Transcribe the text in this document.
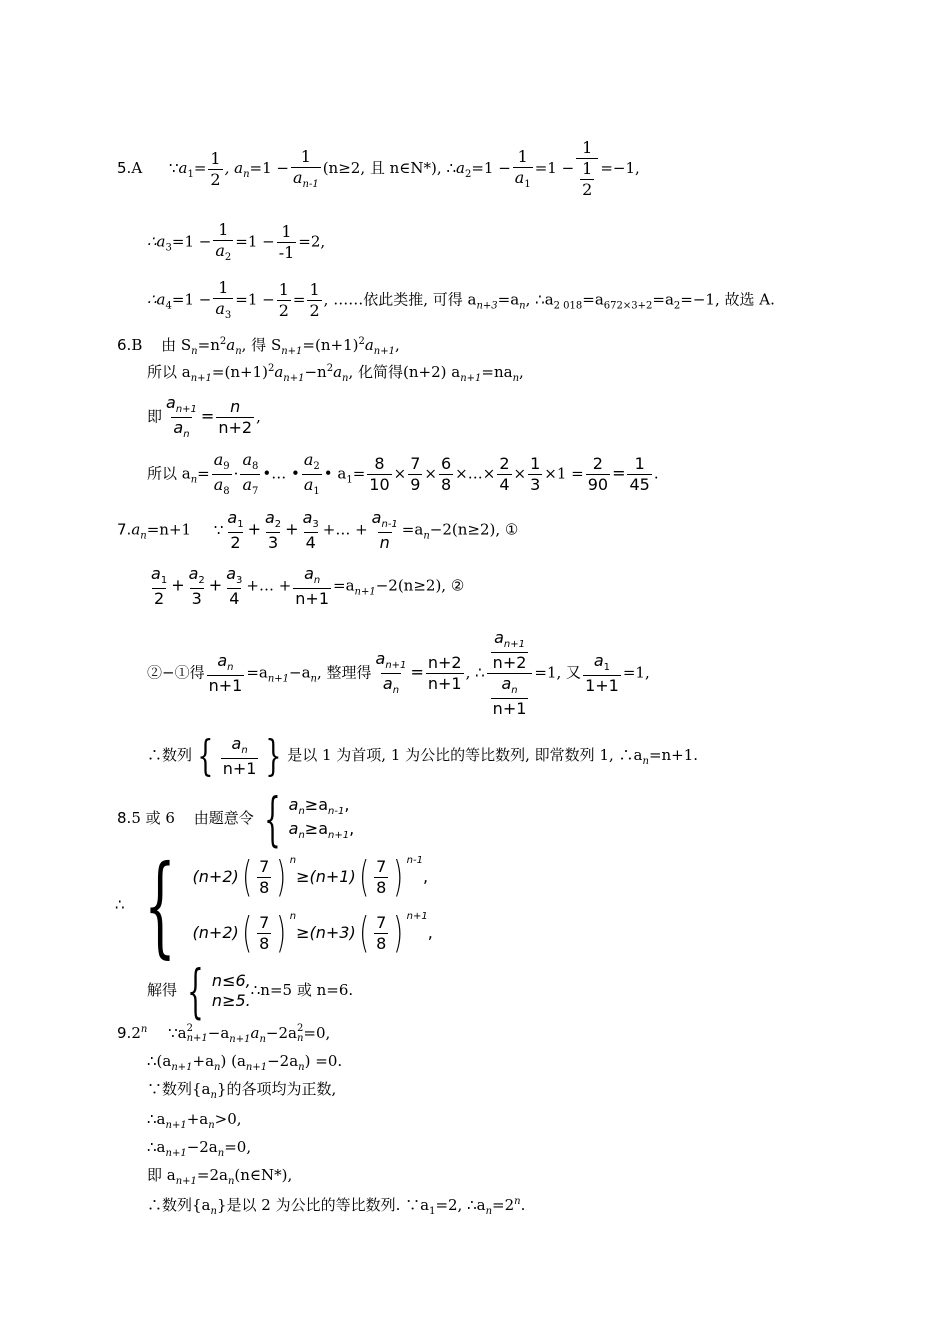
5.A $\because a_1= \frac{1}{2}$ , $a_n=1 - \frac{1}{a_{n-1}} (n\ge 2$, 且 n∈N*), $\therefore a_2=1 - \frac{1}{a_1} =1 - \frac{1}{\frac{1}{2}} =-1$,
$\therefore a_3=1 - \frac{1}{a_2} =1 - \frac{1}{-1} =2$,
$\therefore a_4=1 - \frac{1}{a_3} =1 - \frac{1}{2} = \frac{1}{2}$ , ……依此类推, 可得 $a_{n+3}=a_n$, $\therefore a_{2 018}=a_{672\times 3+2}=a_2=-1$, 故选 A.
6.B 由 $S_n=n^2a_n$, 得 $S_{n+1}=(n+1)^2a_{n+1}$,
所以 $a_{n+1}=(n+1)^2a_{n+1}-n^2a_n$, 化简得(n+2) $a_{n+1}=na_n$,
即 $\frac{a_{n+1}}{a_n} = \frac{n}{n+2}$ ,
所以 $a_n= \frac{a_9}{a_8} \cdot \frac{a_8}{a_7}$ •… • $\frac{a_2}{a_1}$ • $a_1= \frac{8}{10} \times \frac{7}{9} \times \frac{6}{8}$ ×…× $\frac{2}{4} \times \frac{1}{3} \times 1 = \frac{2}{90} = \frac{1}{45}$ .
$7.a_n=n+1$ ∵ $\frac{a_1}{2} + \frac{a_2}{3} + \frac{a_3}{4}$ +… + $\frac{a_{n-1}}{n} =a_n-2(n\ge 2)$, ①
$\frac{a_1}{2} + \frac{a_2}{3} + \frac{a_3}{4}$ +… + $\frac{a_n}{n+1} =a_{n+1}-2(n\ge 2)$, ②
②−①得 $\frac{a_n}{n+1} =a_{n+1}-a_n$, 整理得 $\frac{a_{n+1}}{a_n} = \frac{n+2}{n+1}$ , ∴
$\frac{a_{n+1}}{n+2}$
$\frac{a_n}{n+1}$
=1, 又 $\frac{a_1}{1+1} =1$,
∴数列 { $a_n$
n+1 } 是以 1 为首项, 1 为公比的等比数列, 即常数列 1, $\therefore a_n=n+1$.
8.5 或 6 由题意令 { $a_n\ge a_{n-1}$,
$a_n\ge a_{n+1}$,
∴ { (n+2) ( $\frac{7}{8}$ ) n
≥(n+1) ( $\frac{7}{8}$ ) n-1
,
(n+2) ( $\frac{7}{8}$ ) n
≥(n+3) ( $\frac{7}{8}$ ) n+1
,
解得 { n≤6,
n≥5.
∴n=5 或 n=6.
9.2$^n$ ∵a 2
$n+1 -a_{n+1}a_n-2a$ 2
n =0,
$\therefore(a_{n+1}+a_n)$ $(a_{n+1}-2a_n) =0$.
∵数列$\{a_n\}$的各项均为正数,
$\therefore a_{n+1}+a_n>0$,
$\therefore a_{n+1}-2a_n=0$,
即 $a_{n+1}=2a_n(n\in N*)$,
∴数列$\{a_n\}$是以 2 为公比的等比数列. $\because a_1=2$, $\therefore a_n=2^n$.
